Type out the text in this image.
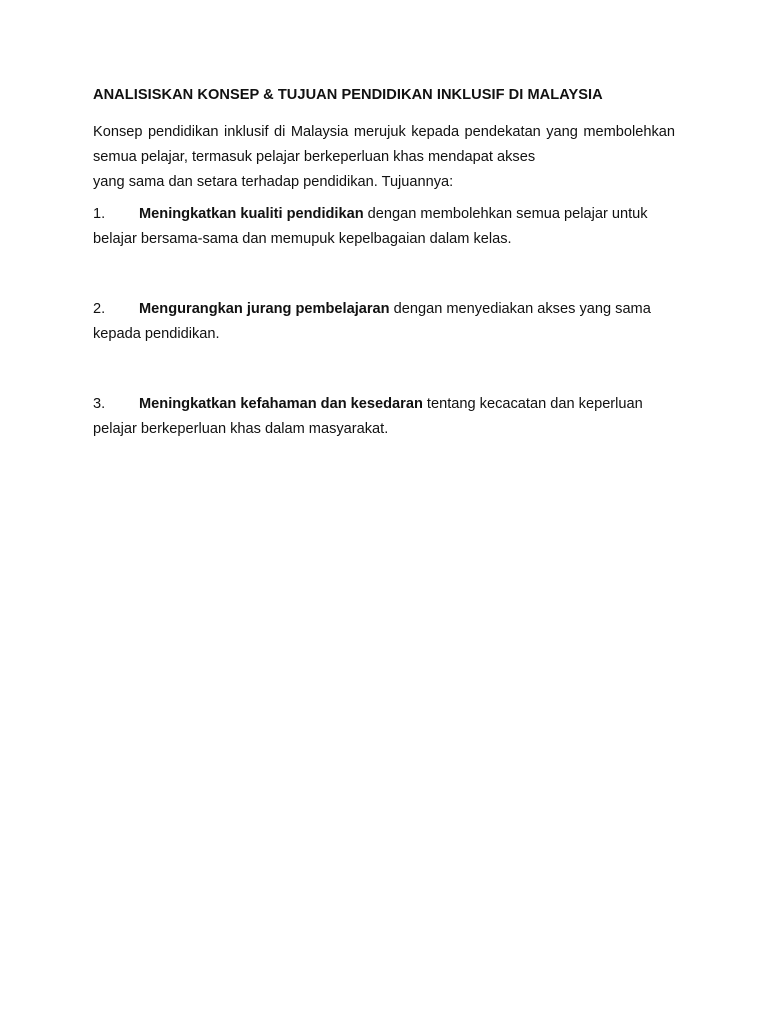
ANALISISKAN KONSEP & TUJUAN PENDIDIKAN INKLUSIF DI MALAYSIA

Konsep pendidikan inklusif di Malaysia merujuk kepada pendekatan yang membolehkan semua pelajar, termasuk pelajar berkeperluan khas mendapat akses
yang sama dan setara terhadap pendidikan. Tujuannya:

1. Meningkatkan kualiti pendidikan dengan membolehkan semua pelajar untuk
belajar bersama-sama dan memupuk kepelbagaian dalam kelas.
2. Mengurangkan jurang pembelajaran dengan menyediakan akses yang sama
kepada pendidikan.
3. Meningkatkan kefahaman dan kesedaran tentang kecacatan dan keperluan
pelajar berkeperluan khas dalam masyarakat.
